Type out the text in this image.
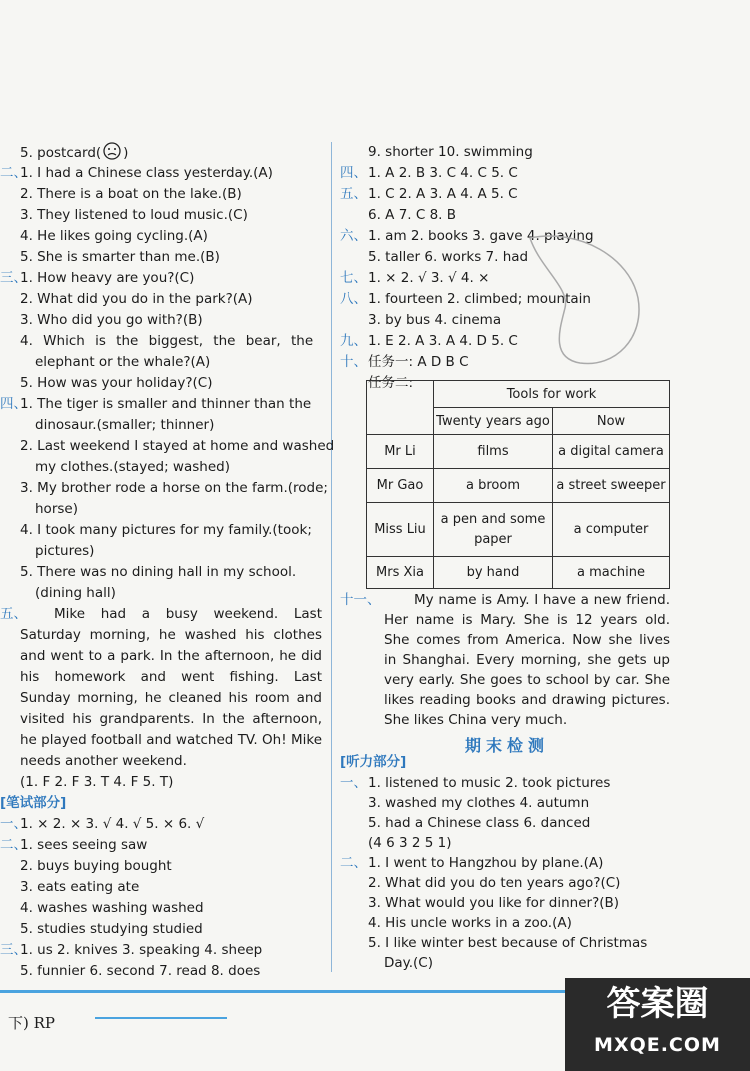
5. postcard( )
二、
1. I had a Chinese class yesterday.(A)
2. There is a boat on the lake.(B)
3. They listened to loud music.(C)
4. He likes going cycling.(A)
5. She is smarter than me.(B)
三、
1. How heavy are you?(C)
2. What did you do in the park?(A)
3. Who did you go with?(B)
4. Which is the biggest, the bear, the
elephant or the whale?(A)
5. How was your holiday?(C)
四、
1. The tiger is smaller and thinner than the
dinosaur.(smaller; thinner)
2. Last weekend I stayed at home and washed
my clothes.(stayed; washed)
3. My brother rode a horse on the farm.(rode;
horse)
4. I took many pictures for my family.(took;
pictures)
5. There was no dining hall in my school.
(dining hall)
五、	Mike had a busy weekend. Last Saturday morning, he washed his clothes and went to a park. In the afternoon, he did his homework and went fishing. Last Sunday morning, he cleaned his room and visited his grandparents. In the afternoon, he played football and watched TV. Oh! Mike needs another weekend.
(1. F 2. F 3. T 4. F 5. T)
[笔试部分]
一、
1. × 2. × 3. √ 4. √ 5. × 6. √
二、
1. sees seeing saw
2. buys buying bought
3. eats eating ate
4. washes washing washed
5. studies studying studied
三、
1. us 2. knives 3. speaking 4. sheep
5. funnier 6. second 7. read 8. does
9. shorter 10. swimming
四、 1. A 2. B 3. C 4. C 5. C
五、 1. C 2. A 3. A 4. A 5. C
6. A 7. C 8. B
六、 1. am 2. books 3. gave 4. playing
5. taller 6. works 7. had
七、 1. × 2. √ 3. √ 4. ×
八、 1. fourteen 2. climbed; mountain
3. by bus 4. cinema
九、 1. E 2. A 3. A 4. D 5. C
十、 任务一: A D B C
任务二:
	Tools for work	
	Twenty years ago	Now
Mr Li	films	a digital camera
Mr Gao	a broom	a street sweeper
Miss Liu	a pen and some paper	a computer
Mrs Xia	by hand	a machine
十一、	My name is Amy. I have a new friend. Her name is Mary. She is 12 years old. She comes from America. Now she lives in Shanghai. Every morning, she gets up very early. She goes to school by car. She likes reading books and drawing pictures. She likes China very much.
期末检测
[听力部分]
一、 1. listened to music 2. took pictures
3. washed my clothes 4. autumn
5. had a Chinese class 6. danced
(4 6 3 2 5 1)
二、 1. I went to Hangzhou by plane.(A)
2. What did you do ten years ago?(C)
3. What would you like for dinner?(B)
4. His uncle works in a zoo.(A)
5. I like winter best because of Christmas
Day.(C)
下) RP	答案圈
MXQE.COM
